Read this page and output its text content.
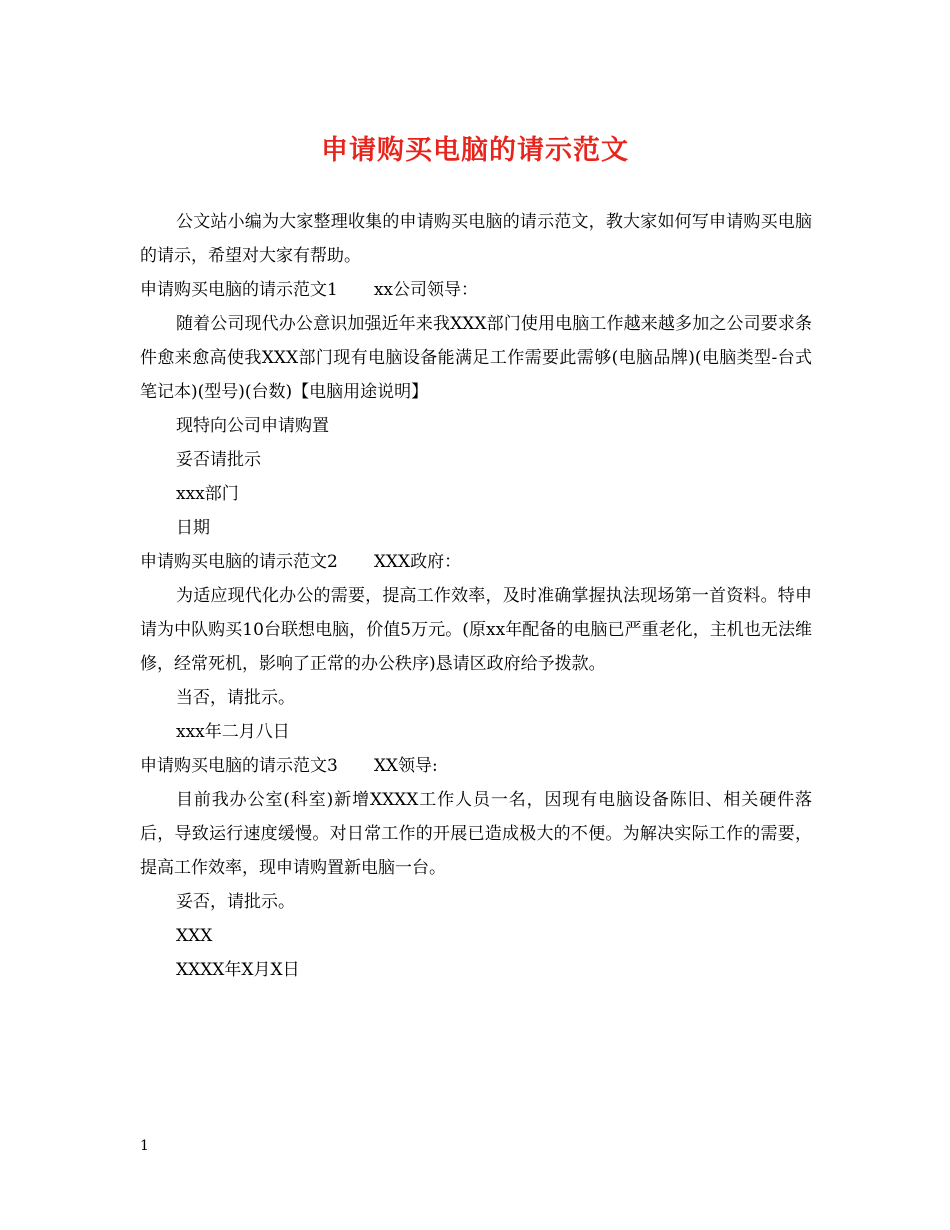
申请购买电脑的请示范文

公文站小编为大家整理收集的申请购买电脑的请示范文，教大家如何写申请购买电脑的请示，希望对大家有帮助。

申请购买电脑的请示范文1 xx公司领导：

随着公司现代办公意识加强近年来我XXX部门使用电脑工作越来越多加之公司要求条件愈来愈高使我XXX部门现有电脑设备能满足工作需要此需够(电脑品牌)(电脑类型-台式笔记本)(型号)(台数)【电脑用途说明】

现特向公司申请购置

妥否请批示

xxx部门

日期

申请购买电脑的请示范文2 XXX政府：

为适应现代化办公的需要，提高工作效率，及时准确掌握执法现场第一首资料。特申请为中队购买10台联想电脑，价值5万元。(原xx年配备的电脑已严重老化，主机也无法维修，经常死机，影响了正常的办公秩序)恳请区政府给予拨款。

当否，请批示。

xxx年二月八日

申请购买电脑的请示范文3 XX领导:

目前我办公室(科室)新增XXXX工作人员一名，因现有电脑设备陈旧、相关硬件落后，导致运行速度缓慢。对日常工作的开展已造成极大的不便。为解决实际工作的需要，提高工作效率，现申请购置新电脑一台。

妥否，请批示。

XXX

XXXX年X月X日

1
